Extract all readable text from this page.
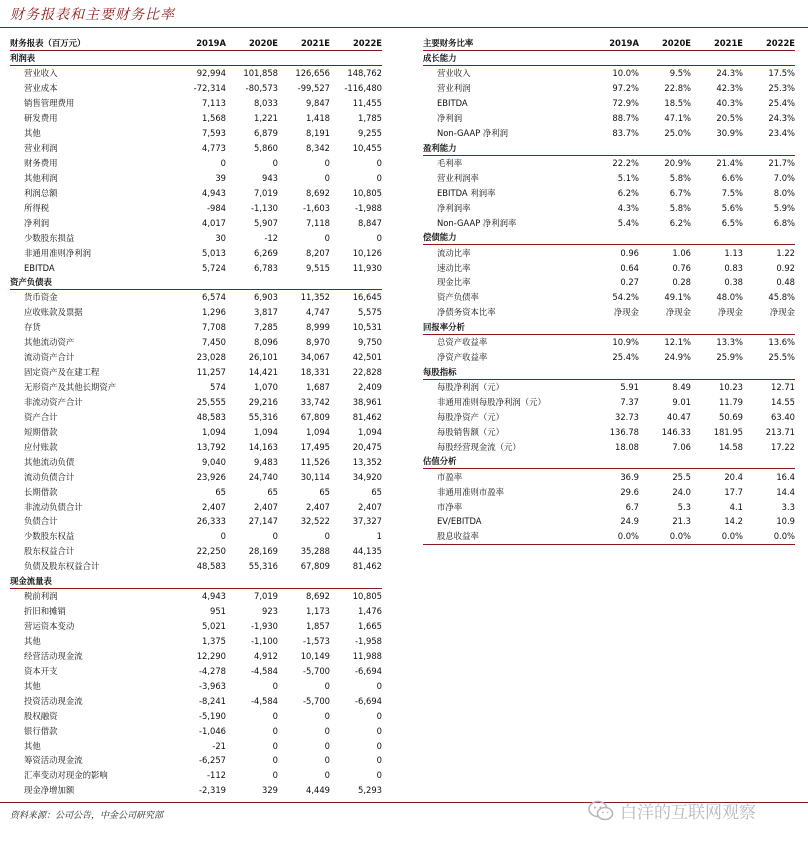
财务报表和主要财务比率
财务报表（百万元）	2019A	2020E	2021E	2022E
利润表
营业收入	92,994	101,858	126,656	148,762
营业成本	-72,314	-80,573	-99,527	-116,480
销售管理费用	7,113	8,033	9,847	11,455
研发费用	1,568	1,221	1,418	1,785
其他	7,593	6,879	8,191	9,255
营业利润	4,773	5,860	8,342	10,455
财务费用	0	0	0	0
其他利润	39	943	0	0
利润总额	4,943	7,019	8,692	10,805
所得税	-984	-1,130	-1,603	-1,988
净利润	4,017	5,907	7,118	8,847
少数股东损益	30	-12	0	0
非通用准则净利润	5,013	6,269	8,207	10,126
EBITDA	5,724	6,783	9,515	11,930
资产负债表
货币资金	6,574	6,903	11,352	16,645
应收账款及票据	1,296	3,817	4,747	5,575
存货	7,708	7,285	8,999	10,531
其他流动资产	7,450	8,096	8,970	9,750
流动资产合计	23,028	26,101	34,067	42,501
固定资产及在建工程	11,257	14,421	18,331	22,828
无形资产及其他长期资产	574	1,070	1,687	2,409
非流动资产合计	25,555	29,216	33,742	38,961
资产合计	48,583	55,316	67,809	81,462
短期借款	1,094	1,094	1,094	1,094
应付账款	13,792	14,163	17,495	20,475
其他流动负债	9,040	9,483	11,526	13,352
流动负债合计	23,926	24,740	30,114	34,920
长期借款	65	65	65	65
非流动负债合计	2,407	2,407	2,407	2,407
负债合计	26,333	27,147	32,522	37,327
少数股东权益	0	0	0	1
股东权益合计	22,250	28,169	35,288	44,135
负债及股东权益合计	48,583	55,316	67,809	81,462
现金流量表
税前利润	4,943	7,019	8,692	10,805
折旧和摊销	951	923	1,173	1,476
营运资本变动	5,021	-1,930	1,857	1,665
其他	1,375	-1,100	-1,573	-1,958
经营活动现金流	12,290	4,912	10,149	11,988
资本开支	-4,278	-4,584	-5,700	-6,694
其他	-3,963	0	0	0
投资活动现金流	-8,241	-4,584	-5,700	-6,694
股权融资	-5,190	0	0	0
银行借款	-1,046	0	0	0
其他	-21	0	0	0
筹资活动现金流	-6,257	0	0	0
汇率变动对现金的影响	-112	0	0	0
现金净增加额	-2,319	329	4,449	5,293
主要财务比率	2019A	2020E	2021E	2022E
成长能力
营业收入	10.0%	9.5%	24.3%	17.5%
营业利润	97.2%	22.8%	42.3%	25.3%
EBITDA	72.9%	18.5%	40.3%	25.4%
净利润	88.7%	47.1%	20.5%	24.3%
Non-GAAP 净利润	83.7%	25.0%	30.9%	23.4%
盈利能力
毛利率	22.2%	20.9%	21.4%	21.7%
营业利润率	5.1%	5.8%	6.6%	7.0%
EBITDA 利润率	6.2%	6.7%	7.5%	8.0%
净利润率	4.3%	5.8%	5.6%	5.9%
Non-GAAP 净利润率	5.4%	6.2%	6.5%	6.8%
偿债能力
流动比率	0.96	1.06	1.13	1.22
速动比率	0.64	0.76	0.83	0.92
现金比率	0.27	0.28	0.38	0.48
资产负债率	54.2%	49.1%	48.0%	45.8%
净债务资本比率	净现金	净现金	净现金	净现金
回报率分析
总资产收益率	10.9%	12.1%	13.3%	13.6%
净资产收益率	25.4%	24.9%	25.9%	25.5%
每股指标
每股净利润（元）	5.91	8.49	10.23	12.71
非通用准则每股净利润（元）	7.37	9.01	11.79	14.55
每股净资产（元）	32.73	40.47	50.69	63.40
每股销售额（元）	136.78	146.33	181.95	213.71
每股经营现金流（元）	18.08	7.06	14.58	17.22
估值分析
市盈率	36.9	25.5	20.4	16.4
非通用准则市盈率	29.6	24.0	17.7	14.4
市净率	6.7	5.3	4.1	3.3
EV/EBITDA	24.9	21.3	14.2	10.9
股息收益率	0.0%	0.0%	0.0%	0.0%
资料来源：公司公告，中金公司研究部	白洋的互联网观察
